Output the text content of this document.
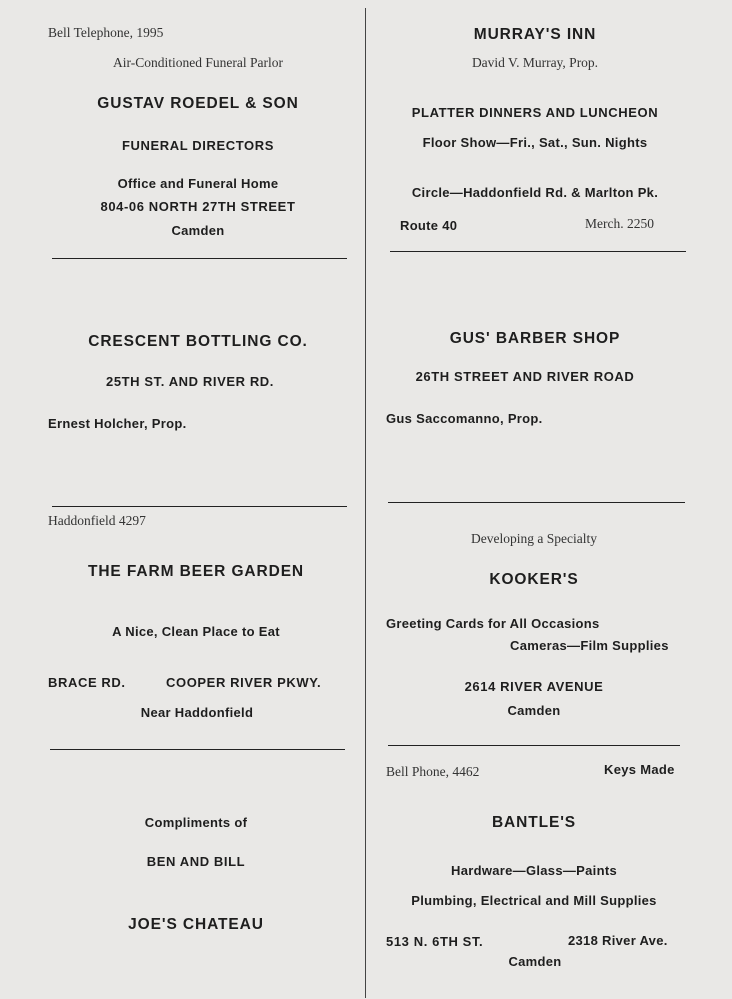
Bell Telephone, 1995
Air-Conditioned Funeral Parlor
GUSTAV ROEDEL & SON
FUNERAL DIRECTORS
Office and Funeral Home
804-06 NORTH 27TH STREET
Camden
CRESCENT BOTTLING CO.
25TH ST. AND RIVER RD.
Ernest Holcher, Prop.
Haddonfield 4297
THE FARM BEER GARDEN
A Nice, Clean Place to Eat
BRACE RD.	COOPER RIVER PKWY.
Near Haddonfield
Compliments of
BEN AND BILL
JOE'S CHATEAU
MURRAY'S INN
David V. Murray, Prop.
PLATTER DINNERS AND LUNCHEON
Floor Show—Fri., Sat., Sun. Nights
Circle—Haddonfield Rd. & Marlton Pk.
Route 40	Merch. 2250
GUS' BARBER SHOP
26TH STREET AND RIVER ROAD
Gus Saccomanno, Prop.
Developing a Specialty
KOOKER'S
Greeting Cards for All Occasions
Cameras—Film Supplies
2614 RIVER AVENUE
Camden
Bell Phone, 4462	Keys Made
BANTLE'S
Hardware—Glass—Paints
Plumbing, Electrical and Mill Supplies
513 N. 6TH ST.	2318 River Ave.
Camden
